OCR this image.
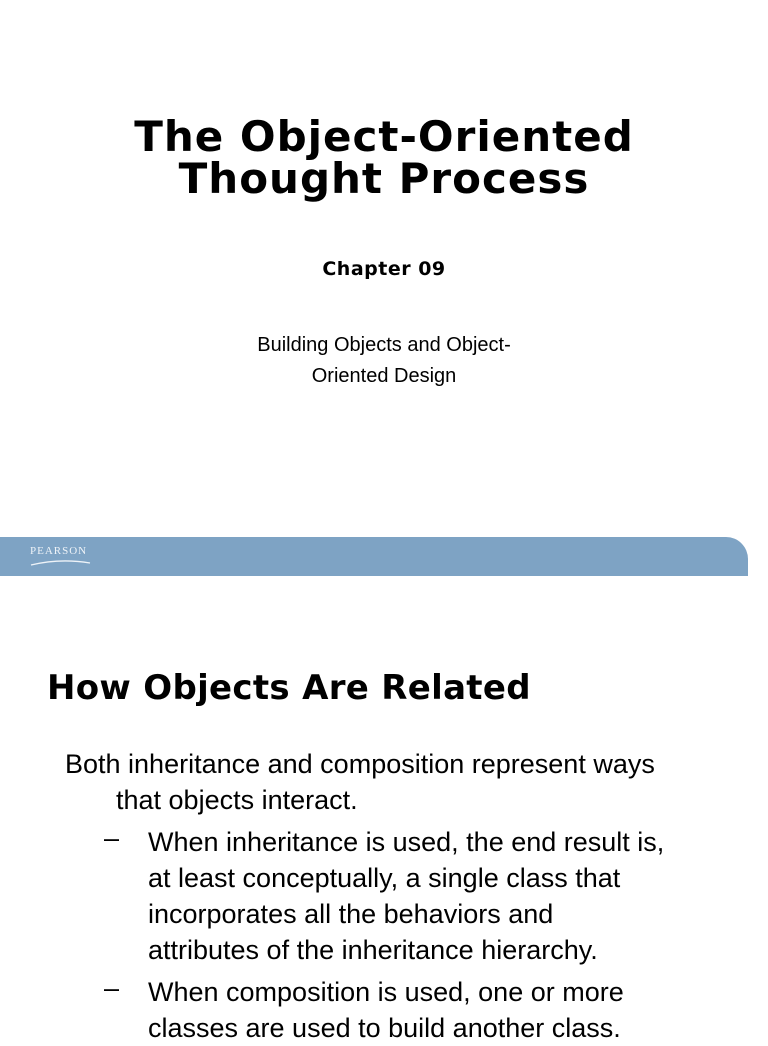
The Object-Oriented
Thought Process
Chapter 09
Building Objects and Object-
Oriented Design
PEARSON
How Objects Are Related

Both inheritance and composition represent ways
that objects interact.

– When inheritance is used, the end result is,
at least conceptually, a single class that
incorporates all the behaviors and
attributes of the inheritance hierarchy.
– When composition is used, one or more
classes are used to build another class.
